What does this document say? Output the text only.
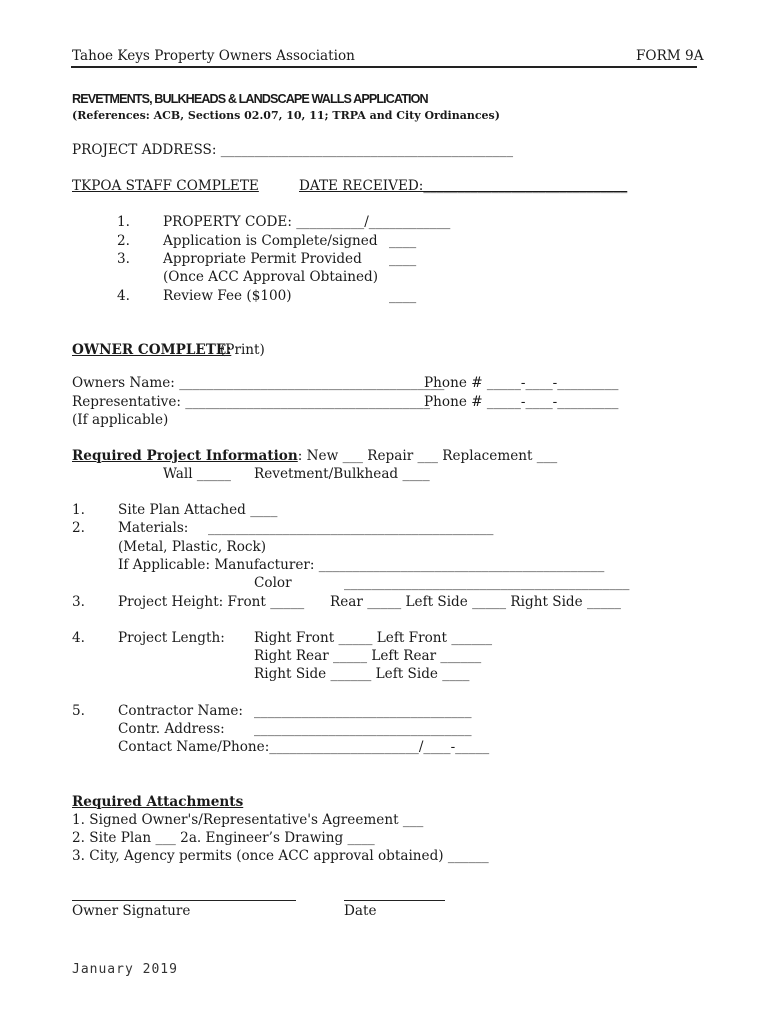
Tahoe Keys Property Owners Association	FORM 9A
REVETMENTS, BULKHEADS & LANDSCAPE WALLS APPLICATION
(References: ACB, Sections 02.07, 10, 11; TRPA and City Ordinances)
PROJECT ADDRESS: ___________________________________________
TKPOA STAFF COMPLETE	DATE RECEIVED:______________________________
1. PROPERTY CODE: __________/____________
2. Application is Complete/signed ____
3. Appropriate Permit Provided ____
(Once ACC Approval Obtained)
4. Review Fee ($100)	____
OWNER COMPLETE:
(Print)
Owners Name: _______________________________________
Phone # _____-____-_________
Representative: ____________________________________
Phone # _____-____-_________
(If applicable)
Required Project Information: New ___ Repair ___ Replacement ___
Wall _____ Revetment/Bulkhead ____
1. Site Plan Attached ____
2. Materials: __________________________________________
(Metal, Plastic, Rock)
If Applicable: Manufacturer: __________________________________________
Color	__________________________________________
3. Project Height: Front _____ Rear _____ Left Side _____ Right Side _____
4. Project Length: Right Front _____ Left Front ______
Right Rear _____ Left Rear ______
Right Side ______ Left Side ____
5. Contractor Name: ________________________________
Contr. Address: ________________________________
Contact Name/Phone:______________________/____-_____
Required Attachments
1. Signed Owner's/Representative's Agreement ___
2. Site Plan ___ 2a. Engineer’s Drawing ____
3. City, Agency permits (once ACC approval obtained) ______
Owner Signature	Date
January 2019
